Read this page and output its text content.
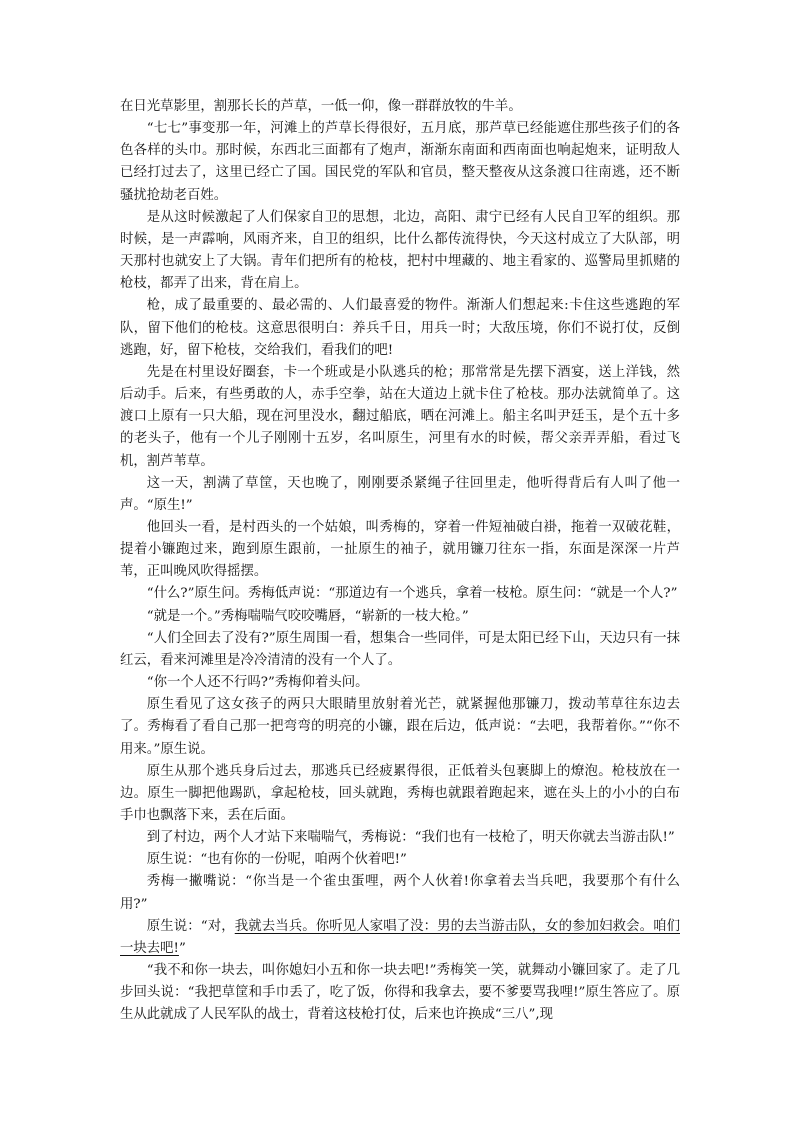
在日光草影里，割那长长的芦草，一低一仰，像一群群放牧的牛羊。

“七七”事变那一年，河滩上的芦草长得很好，五月底，那芦草已经能遮住那些孩子们的各色各样的头巾。那时候，东西北三面都有了炮声，渐渐东南面和西南面也响起炮来，证明敌人已经打过去了，这里已经亡了国。国民党的军队和官员，整天整夜从这条渡口往南逃，还不断骚扰抢劫老百姓。

是从这时候激起了人们保家自卫的思想，北边，高阳、肃宁已经有人民自卫军的组织。那时候，是一声霹响，风雨齐来，自卫的组织，比什么都传流得快，今天这村成立了大队部，明天那村也就安上了大锅。青年们把所有的枪枝，把村中埋藏的、地主看家的、巡警局里抓赌的枪枝，都弄了出来，背在肩上。

枪，成了最重要的、最必需的、人们最喜爱的物件。渐渐人们想起来:卡住这些逃跑的军队，留下他们的枪枝。这意思很明白：养兵千日，用兵一时；大敌压境，你们不说打仗，反倒逃跑，好，留下枪枝，交给我们，看我们的吧!

先是在村里设好圈套，卡一个班或是小队逃兵的枪；那常常是先摆下酒宴，送上洋钱，然后动手。后来，有些勇敢的人，赤手空拳，站在大道边上就卡住了枪枝。那办法就简单了。这渡口上原有一只大船，现在河里没水，翻过船底，晒在河滩上。船主名叫尹廷玉，是个五十多的老头子，他有一个儿子刚刚十五岁，名叫原生，河里有水的时候，帮父亲弄弄船，看过飞机，割芦苇草。

这一天，割满了草筐，天也晚了，刚刚要杀紧绳子往回里走，他听得背后有人叫了他一声。“原生!”

他回头一看，是村西头的一个姑娘，叫秀梅的，穿着一件短袖破白褂，拖着一双破花鞋，提着小镰跑过来，跑到原生跟前，一扯原生的袖子，就用镰刀往东一指，东面是深深一片芦苇，正叫晚风吹得摇摆。

“什么?”原生问。秀梅低声说：“那道边有一个逃兵，拿着一枝枪。原生问：“就是一个人?”

“就是一个。”秀梅喘喘气咬咬嘴唇，“崭新的一枝大枪。”

“人们全回去了没有?”原生周围一看，想集合一些同伴，可是太阳已经下山，天边只有一抹红云，看来河滩里是冷冷清清的没有一个人了。

“你一个人还不行吗?”秀梅仰着头问。

原生看见了这女孩子的两只大眼睛里放射着光芒，就紧握他那镰刀，拨动苇草往东边去了。秀梅看了看自己那一把弯弯的明亮的小镰，跟在后边，低声说：“去吧，我帮着你。”“你不用来。”原生说。

原生从那个逃兵身后过去，那逃兵已经疲累得很，正低着头包裹脚上的燎泡。枪枝放在一边。原生一脚把他踢趴，拿起枪枝，回头就跑，秀梅也就跟着跑起来，遮在头上的小小的白布手巾也飘落下来，丢在后面。

到了村边，两个人才站下来喘喘气，秀梅说：“我们也有一枝枪了，明天你就去当游击队!”

原生说：“也有你的一份呢，咱两个伙着吧!”

秀梅一撇嘴说：“你当是一个雀虫蛋哩，两个人伙着!你拿着去当兵吧，我要那个有什么用?”

原生说：“对，我就去当兵。你听见人家唱了没：男的去当游击队，女的参加妇救会。咱们一块去吧!”

“我不和你一块去，叫你媳妇小五和你一块去吧!”秀梅笑一笑，就舞动小镰回家了。走了几步回头说：“我把草筐和手巾丢了，吃了饭，你得和我拿去，要不爹要骂我哩!”原生答应了。原生从此就成了人民军队的战士，背着这枝枪打仗，后来也许换成“三八”,现
